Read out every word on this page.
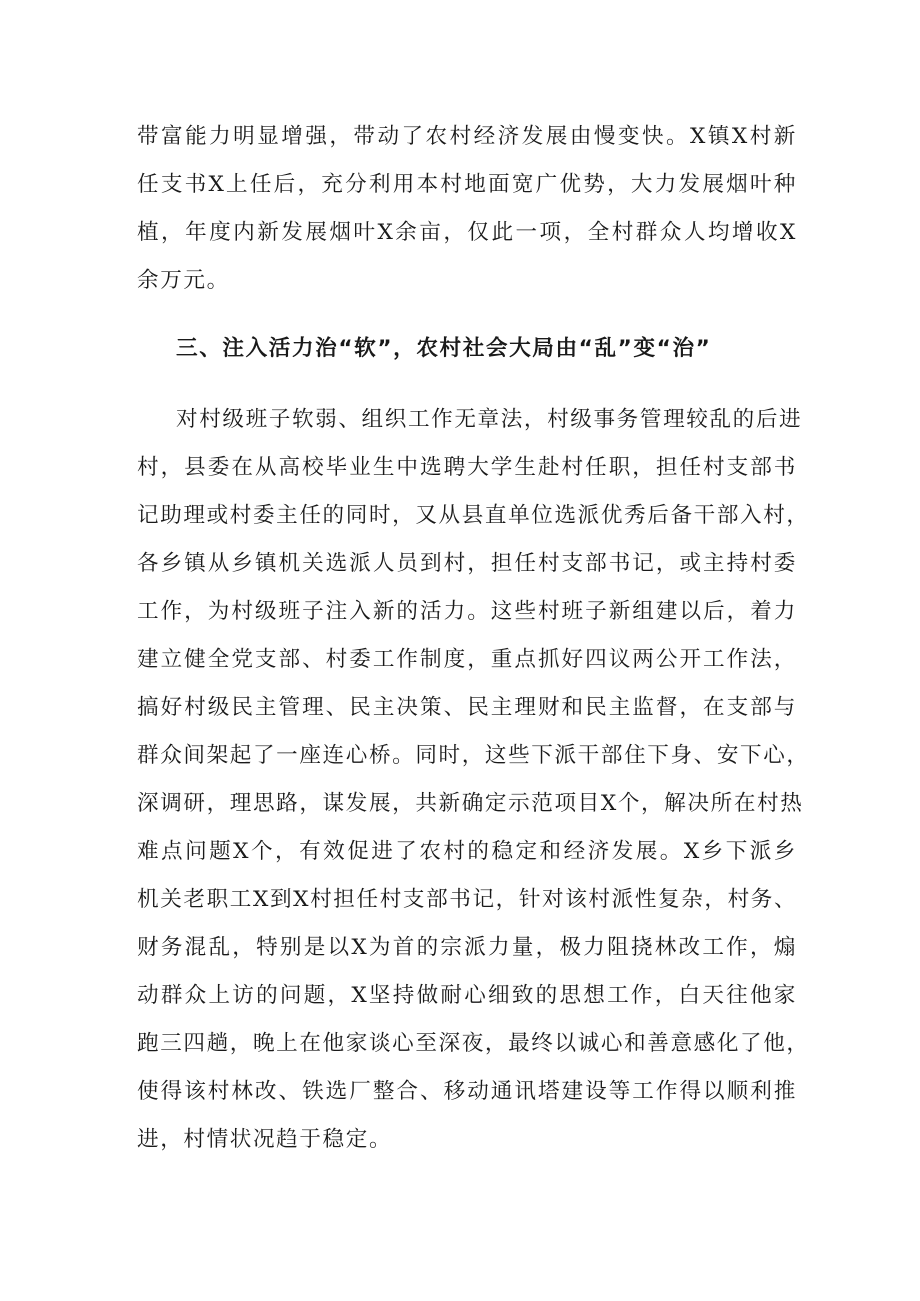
带富能力明显增强，带动了农村经济发展由慢变快。X镇X村新
任支书X上任后，充分利用本村地面宽广优势，大力发展烟叶种
植，年度内新发展烟叶X余亩，仅此一项，全村群众人均增收X
余万元。
三、注入活力治“软”，农村社会大局由“乱”变“治”
对村级班子软弱、组织工作无章法，村级事务管理较乱的后进
村，县委在从高校毕业生中选聘大学生赴村任职，担任村支部书
记助理或村委主任的同时，又从县直单位选派优秀后备干部入村，
各乡镇从乡镇机关选派人员到村，担任村支部书记，或主持村委
工作，为村级班子注入新的活力。这些村班子新组建以后，着力
建立健全党支部、村委工作制度，重点抓好四议两公开工作法，
搞好村级民主管理、民主决策、民主理财和民主监督，在支部与
群众间架起了一座连心桥。同时，这些下派干部住下身、安下心，
深调研，理思路，谋发展，共新确定示范项目X个，解决所在村热
难点问题X个，有效促进了农村的稳定和经济发展。X乡下派乡
机关老职工X到X村担任村支部书记，针对该村派性复杂，村务、
财务混乱，特别是以X为首的宗派力量，极力阻挠林改工作，煽
动群众上访的问题，X坚持做耐心细致的思想工作，白天往他家
跑三四趟，晚上在他家谈心至深夜，最终以诚心和善意感化了他，
使得该村林改、铁选厂整合、移动通讯塔建设等工作得以顺利推
进，村情状况趋于稳定。
